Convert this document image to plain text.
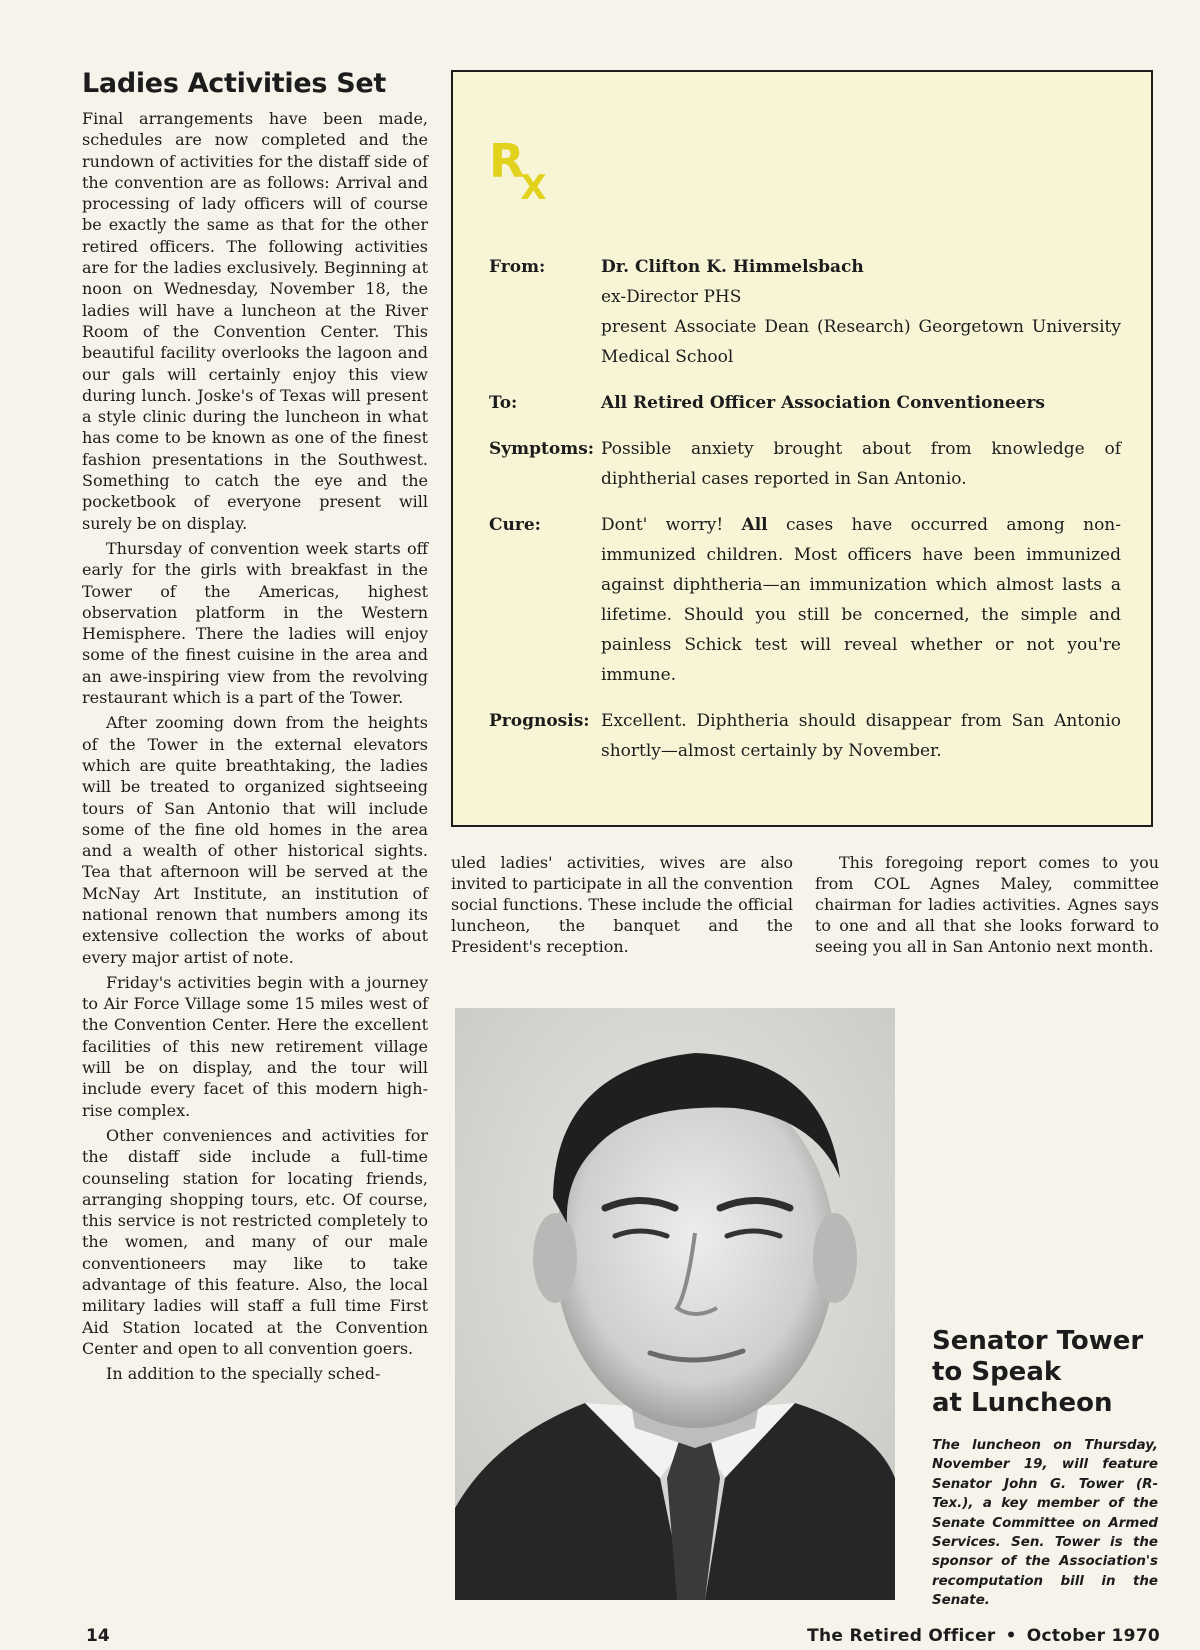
Ladies Activities Set

Final arrangements have been made, schedules are now completed and the rundown of activities for the distaff side of the convention are as follows: Arrival and processing of lady officers will of course be exactly the same as that for the other retired officers. The following activities are for the ladies exclusively. Beginning at noon on Wednesday, November 18, the ladies will have a luncheon at the River Room of the Convention Center. This beautiful facility overlooks the lagoon and our gals will certainly enjoy this view during lunch. Joske's of Texas will present a style clinic during the luncheon in what has come to be known as one of the finest fashion presentations in the Southwest. Something to catch the eye and the pocketbook of everyone present will surely be on display.

Thursday of convention week starts off early for the girls with breakfast in the Tower of the Americas, highest observation platform in the Western Hemisphere. There the ladies will enjoy some of the finest cuisine in the area and an awe-inspiring view from the revolving restaurant which is a part of the Tower.

After zooming down from the heights of the Tower in the external elevators which are quite breathtaking, the ladies will be treated to organized sightseeing tours of San Antonio that will include some of the fine old homes in the area and a wealth of other historical sights. Tea that afternoon will be served at the McNay Art Institute, an institution of national renown that numbers among its extensive collection the works of about every major artist of note.

Friday's activities begin with a journey to Air Force Village some 15 miles west of the Convention Center. Here the excellent facilities of this new retirement village will be on display, and the tour will include every facet of this modern high-rise complex.

Other conveniences and activities for the distaff side include a full-time counseling station for locating friends, arranging shopping tours, etc. Of course, this service is not restricted completely to the women, and many of our male conventioneers may like to take advantage of this feature. Also, the local military ladies will staff a full time First Aid Station located at the Convention Center and open to all convention goers.

In addition to the specially sched-

RX
From:	Dr. Clifton K. Himmelsbach
ex-Director PHS
present Associate Dean (Research) Georgetown University Medical School
To:	All Retired Officer Association Conventioneers
Symptoms: Possible anxiety brought about from knowledge of diphtherial cases reported in San Antonio.
Cure:	Dont' worry! All cases have occurred among non-immunized children. Most officers have been immunized against diphtheria—an immunization which almost lasts a lifetime. Should you still be concerned, the simple and painless Schick test will reveal whether or not you're immune.
Prognosis: Excellent. Diphtheria should disappear from San Antonio shortly—almost certainly by November.

uled ladies' activities, wives are also invited to participate in all the convention social functions. These include the official luncheon, the banquet and the President's reception.

This foregoing report comes to you from COL Agnes Maley, committee chairman for ladies activities. Agnes says to one and all that she looks forward to seeing you all in San Antonio next month.

Senator Tower
to Speak
at Luncheon
The luncheon on Thursday, November 19, will feature Senator John G. Tower (R-Tex.), a key member of the Senate Committee on Armed Services. Sen. Tower is the sponsor of the Association's recomputation bill in the Senate.
14	The Retired Officer • October 1970
